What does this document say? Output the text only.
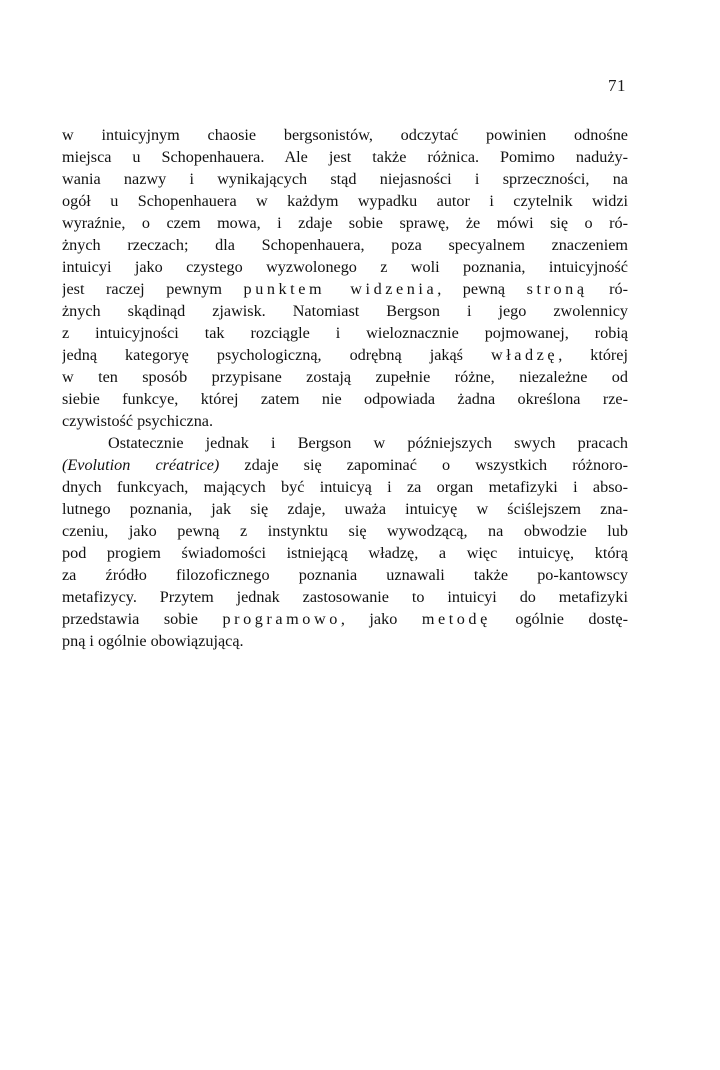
71
w intuicyjnym chaosie bergsonistów, odczytać powinien odnośne
miejsca u Schopenhauera. Ale jest także różnica. Pomimo naduży-
wania nazwy i wynikających stąd niejasności i sprzeczności, na
ogół u Schopenhauera w każdym wypadku autor i czytelnik widzi
wyraźnie, o czem mowa, i zdaje sobie sprawę, że mówi się o ró-
żnych rzeczach; dla Schopenhauera, poza specyalnem znaczeniem
intuicyi jako czystego wyzwolonego z woli poznania, intuicyjność
jest raczej pewnym punktem widzenia, pewną stroną ró-
żnych skądinąd zjawisk. Natomiast Bergson i jego zwolennicy
z intuicyjności tak rozciągle i wieloznacznie pojmowanej, robią
jedną kategoryę psychologiczną, odrębną jakąś władzę, której
w ten sposób przypisane zostają zupełnie różne, niezależne od
siebie funkcye, której zatem nie odpowiada żadna określona rze-
czywistość psychiczna.
Ostatecznie jednak i Bergson w późniejszych swych pracach
(Evolution créatrice) zdaje się zapominać o wszystkich różnoro-
dnych funkcyach, mających być intuicyą i za organ metafizyki i abso-
lutnego poznania, jak się zdaje, uważa intuicyę w ściślejszem zna-
czeniu, jako pewną z instynktu się wywodzącą, na obwodzie lub
pod progiem świadomości istniejącą władzę, a więc intuicyę, którą
za źródło filozoficznego poznania uznawali także po-kantowscy
metafizycy. Przytem jednak zastosowanie to intuicyi do metafizyki
przedstawia sobie programowo, jako metodę ogólnie dostę-
pną i ogólnie obowiązującą.
